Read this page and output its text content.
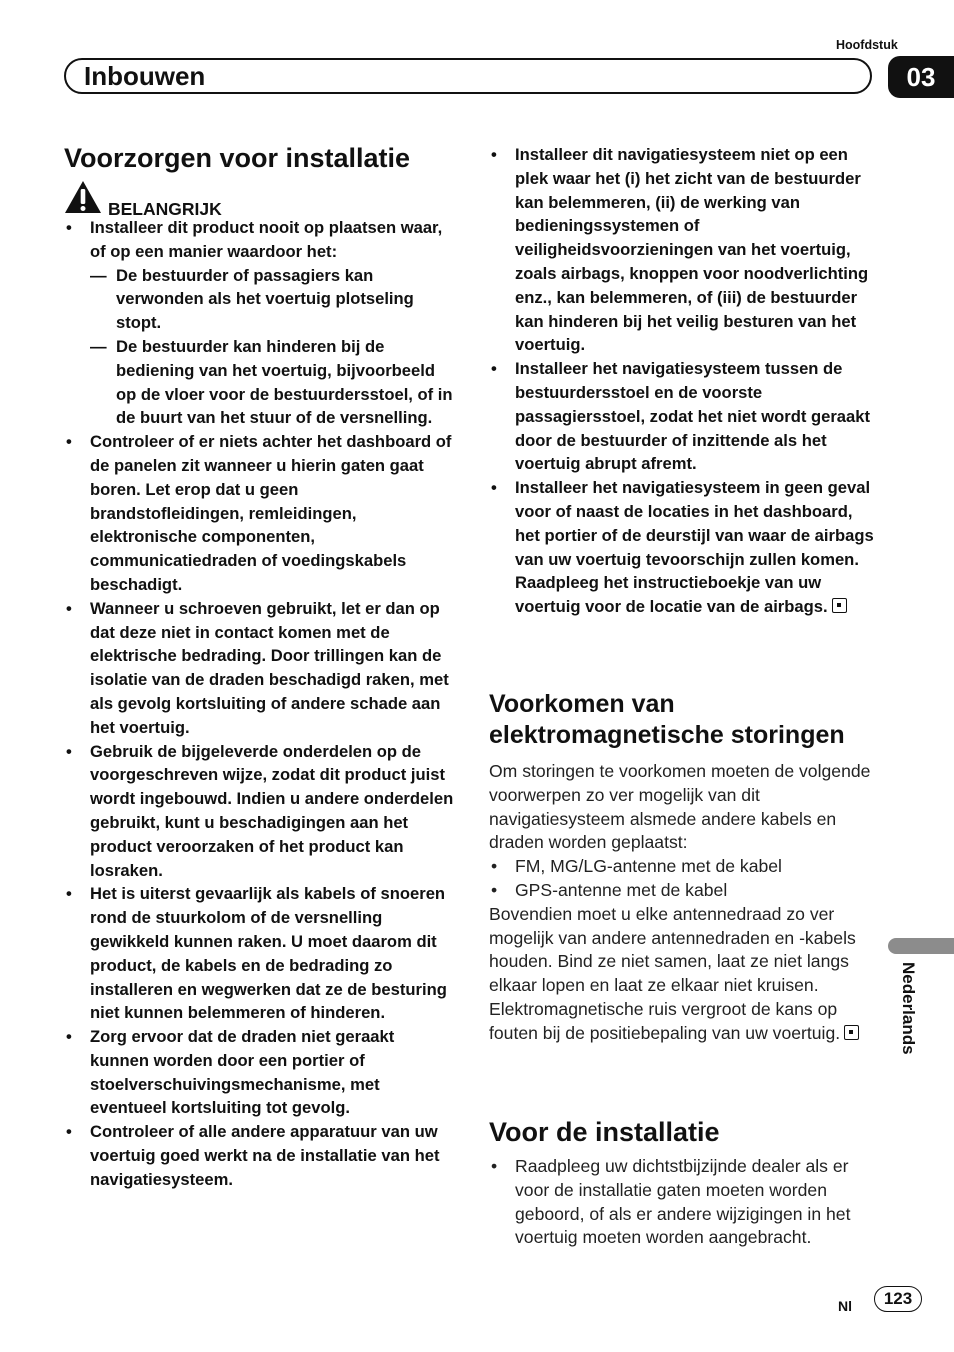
Hoofdstuk
Inbouwen	03
Voorzorgen voor installatie
BELANGRIJK
• Installeer dit product nooit op plaatsen waar, of op een manier waardoor het:
— De bestuurder of passagiers kan verwonden als het voertuig plotseling stopt.
— De bestuurder kan hinderen bij de bediening van het voertuig, bijvoorbeeld op de vloer voor de bestuurdersstoel, of in de buurt van het stuur of de versnelling.
• Controleer of er niets achter het dashboard of de panelen zit wanneer u hierin gaten gaat boren. Let erop dat u geen brandstofleidingen, remleidingen, elektronische componenten, communicatiedraden of voedingskabels beschadigt.
• Wanneer u schroeven gebruikt, let er dan op dat deze niet in contact komen met de elektrische bedrading. Door trillingen kan de isolatie van de draden beschadigd raken, met als gevolg kortsluiting of andere schade aan het voertuig.
• Gebruik de bijgeleverde onderdelen op de voorgeschreven wijze, zodat dit product juist wordt ingebouwd. Indien u andere onderdelen gebruikt, kunt u beschadigingen aan het product veroorzaken of het product kan losraken.
• Het is uiterst gevaarlijk als kabels of snoeren rond de stuurkolom of de versnelling gewikkeld kunnen raken. U moet daarom dit product, de kabels en de bedrading zo installeren en wegwerken dat ze de besturing niet kunnen belemmeren of hinderen.
• Zorg ervoor dat de draden niet geraakt kunnen worden door een portier of stoelverschuivingsmechanisme, met eventueel kortsluiting tot gevolg.
• Controleer of alle andere apparatuur van uw voertuig goed werkt na de installatie van het navigatiesysteem.
• Installeer dit navigatiesysteem niet op een plek waar het (i) het zicht van de bestuurder kan belemmeren, (ii) de werking van bedieningssystemen of veiligheidsvoorzieningen van het voertuig, zoals airbags, knoppen voor noodverlichting enz., kan belemmeren, of (iii) de bestuurder kan hinderen bij het veilig besturen van het voertuig.
• Installeer het navigatiesysteem tussen de bestuurdersstoel en de voorste passagiersstoel, zodat het niet wordt geraakt door de bestuurder of inzittende als het voertuig abrupt afremt.
• Installeer het navigatiesysteem in geen geval voor of naast de locaties in het dashboard, het portier of de deurstijl van waar de airbags van uw voertuig tevoorschijn zullen komen. Raadpleeg het instructieboekje van uw voertuig voor de locatie van de airbags.
Voorkomen van
elektromagnetische storingen
Om storingen te voorkomen moeten de volgende voorwerpen zo ver mogelijk van dit navigatiesysteem alsmede andere kabels en draden worden geplaatst:
• FM, MG/LG-antenne met de kabel
• GPS-antenne met de kabel
Bovendien moet u elke antennedraad zo ver mogelijk van andere antennedraden en -kabels houden. Bind ze niet samen, laat ze niet langs elkaar lopen en laat ze elkaar niet kruisen. Elektromagnetische ruis vergroot de kans op fouten bij de positiebepaling van uw voertuig.
Voor de installatie
• Raadpleeg uw dichtstbijzijnde dealer als er voor de installatie gaten moeten worden geboord, of als er andere wijzigingen in het voertuig moeten worden aangebracht.
Nederlands
Nl	123
